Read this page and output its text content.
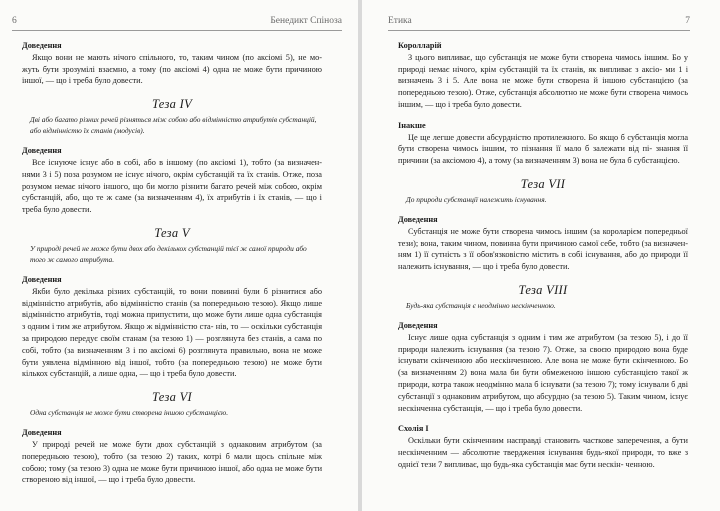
6	Бенедикт Спіноза

Доведення

Якщо вони не мають нічого спільного, то, таким чином (по аксіомі 5), не мо- жуть бути зрозумілі взаємно, а тому (по аксіомі 4) одна не може бути причиною іншої, — що і треба було довести.
Теза IV
Дві або багато різних речей різняться між собою або відмінністю атрибутів субстанцій, або відмінністю їх станів (модусів).

Доведення

Все існуюче існує або в собі, або в іншому (по аксіомі 1), тобто (за визначен- нями 3 і 5) поза розумом не існує нічого, окрім субстанцій та їх станів. Отже, поза розумом немає нічого іншого, що би могло різнити багато речей між собою, окрім субстанцій, або, що те ж саме (за визначенням 4), їх атрибутів і їх станів, — що і треба було довести.
Теза V
У природі речей не може бути двох або декількох субстанцій тієї ж самої природи або того ж самого атрибута.

Доведення

Якби було декілька різних субстанцій, то вони повинні були б різнитися або відмінністю атрибутів, або відмінністю станів (за попередньою тезою). Якщо лише відмінністю атрибутів, тоді можна припустити, що може бути лише одна субстанція з одним і тим же атрибутом. Якщо ж відмінністю ста- нів, то — оскільки субстанція за природою передує своїм станам (за тезою 1) — розглянута без станів, а сама по собі, тобто (за визначенням 3 і по аксіомі 6) розглянута правильно, вона не може бути уявлена відмінною від іншої, тобто (за попередньою тезою) не може бути кількох субстанцій, а лише одна, — що і треба було довести.
Теза VI
Одна субстанція не може бути створена іншою субстанцією.

Доведення

У природі речей не може бути двох субстанцій з однаковим атрибутом (за попередньою тезою), тобто (за тезою 2) таких, котрі б мали щось спільне між собою; тому (за тезою 3) одна не може бути причиною іншої, або одна не може бути створеною від іншої, — що і треба було довести.
Етика	7

Королларій

З цього випливає, що субстанція не може бути створена чимось іншим. Бо у природі немає нічого, крім субстанцій та їх станів, як випливає з аксіо- ми 1 і визначень 3 і 5. Але вона не може бути створена й іншою субстанцією (за попередньою тезою). Отже, субстанція абсолютно не може бути створена чимось іншим, — що і треба було довести.

Інакше

Це ще легше довести абсурдністю протилежного. Бо якщо б субстанція могла бути створена чимось іншим, то пізнання її мало б залежати від пі- знання її причини (за аксіомою 4), а тому (за визначенням 3) вона не була б субстанцією.
Теза VII
До природи субстанції належить існування.

Доведення

Субстанція не може бути створена чимось іншим (за короларієм попередньої тези); вона, таким чином, повинна бути причиною самої себе, тобто (за визначен- ням 1) її сутність з її обов'язковістю містить в собі існування, або до природи її належить існування, — що і треба було довести.
Теза VIII
Будь-яка субстанція є неодмінно нескінченною.

Доведення

Існує лише одна субстанція з одним і тим же атрибутом (за тезою 5), і до її природи належить існування (за тезою 7). Отже, за своєю природою вона буде існувати скінченною або нескінченною. Але вона не може бути скінченною. Бо (за визначенням 2) вона мала би бути обмеженою іншою субстанцією такої ж природи, котра також неодмінно мала б існувати (за тезою 7); тому існували б дві субстанції з однаковим атрибутом, що абсурдно (за тезою 5). Таким чином, існує нескінченна субстанція, — що і треба було довести.

Схолія I

Оскільки бути скінченним насправді становить часткове заперечення, а бути нескінченним — абсолютне твердження існування будь-якої природи, то вже з однієї тези 7 випливає, що будь-яка субстанція має бути нескін- ченною.
